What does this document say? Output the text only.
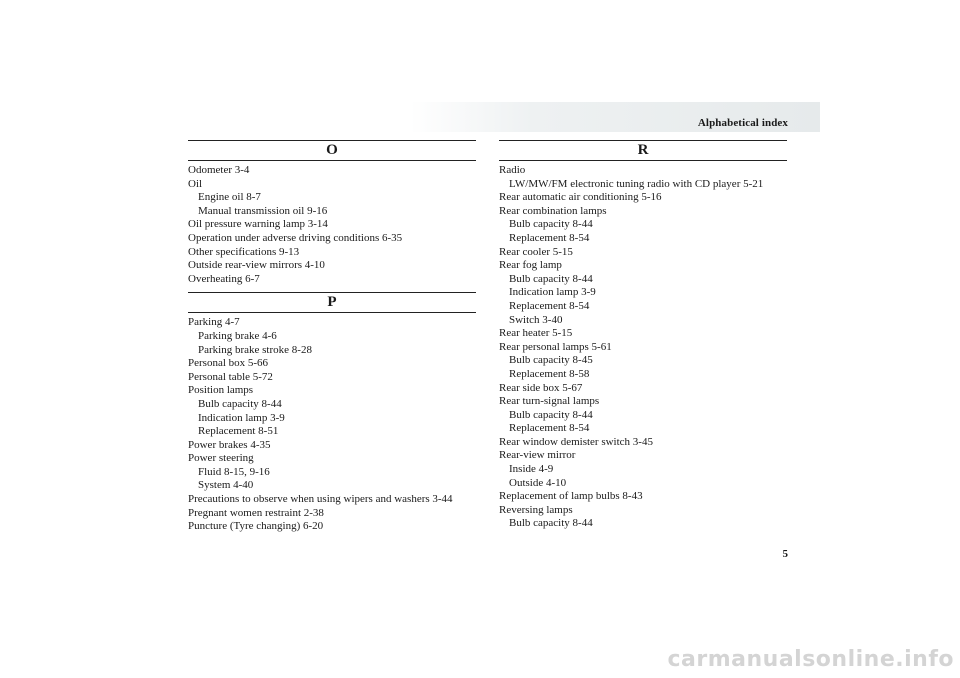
Alphabetical index
O
Odometer 3-4
Oil
Engine oil 8-7
Manual transmission oil 9-16
Oil pressure warning lamp 3-14
Operation under adverse driving conditions 6-35
Other specifications 9-13
Outside rear-view mirrors 4-10
Overheating 6-7
P
Parking 4-7
Parking brake 4-6
Parking brake stroke 8-28
Personal box 5-66
Personal table 5-72
Position lamps
Bulb capacity 8-44
Indication lamp 3-9
Replacement 8-51
Power brakes 4-35
Power steering
Fluid 8-15, 9-16
System 4-40
Precautions to observe when using wipers and washers 3-44
Pregnant women restraint 2-38
Puncture (Tyre changing) 6-20
R
Radio
LW/MW/FM electronic tuning radio with CD player 5-21
Rear automatic air conditioning 5-16
Rear combination lamps
Bulb capacity 8-44
Replacement 8-54
Rear cooler 5-15
Rear fog lamp
Bulb capacity 8-44
Indication lamp 3-9
Replacement 8-54
Switch 3-40
Rear heater 5-15
Rear personal lamps 5-61
Bulb capacity 8-45
Replacement 8-58
Rear side box 5-67
Rear turn-signal lamps
Bulb capacity 8-44
Replacement 8-54
Rear window demister switch 3-45
Rear-view mirror
Inside 4-9
Outside 4-10
Replacement of lamp bulbs 8-43
Reversing lamps
Bulb capacity 8-44
5
carmanualsonline.info
